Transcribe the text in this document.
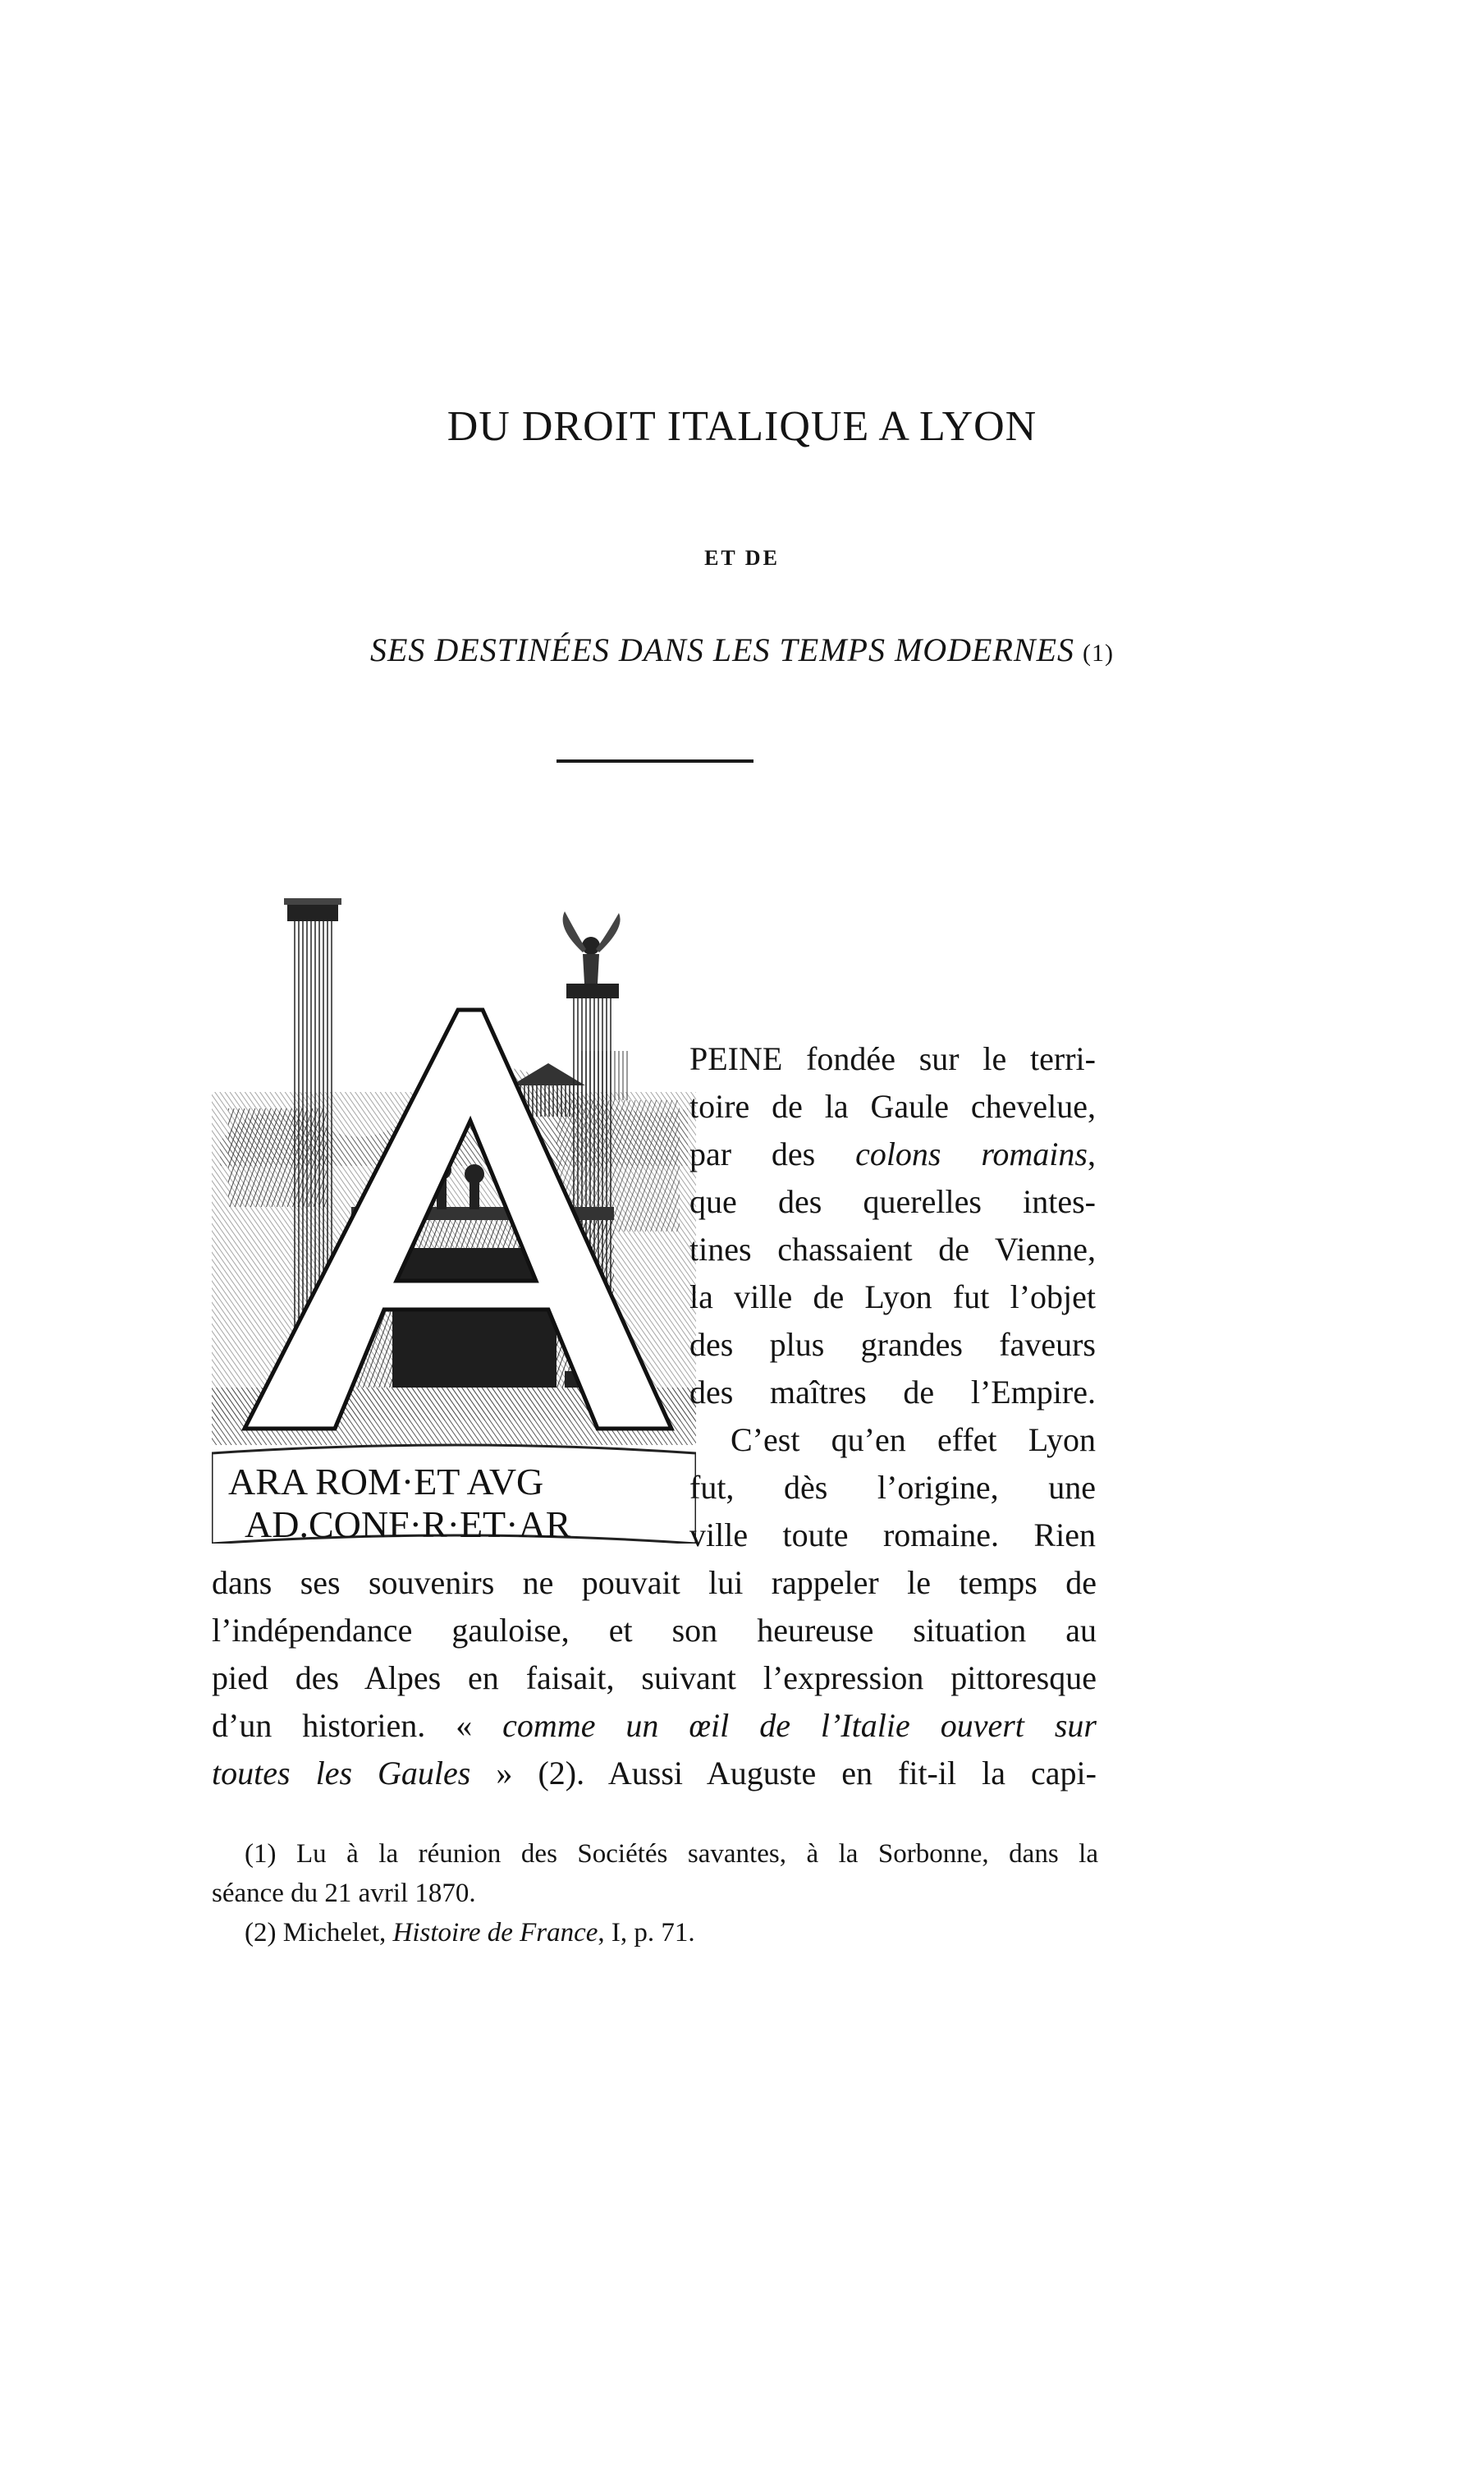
DU DROIT ITALIQUE A LYON
ET DE
SES DESTINÉES DANS LES TEMPS MODERNES (1)
ARA ROM·ET AVG
AD.CONF·R·ET·AR
PEINE fondée sur le terri-
toire de la Gaule chevelue,
par des colons romains,
que des querelles intes-
tines chassaient de Vienne,
la ville de Lyon fut l’objet
des plus grandes faveurs
des maîtres de l’Empire.
C’est qu’en effet Lyon
fut, dès l’origine, une
ville toute romaine. Rien
dans ses souvenirs ne pouvait lui rappeler le temps de
l’indépendance gauloise, et son heureuse situation au
pied des Alpes en faisait, suivant l’expression pittoresque
d’un historien. « comme un œil de l’Italie ouvert sur
toutes les Gaules » (2). Aussi Auguste en fit-il la capi-
(1) Lu à la réunion des Sociétés savantes, à la Sorbonne, dans la
séance du 21 avril 1870.
(2) Michelet, Histoire de France, I, p. 71.
